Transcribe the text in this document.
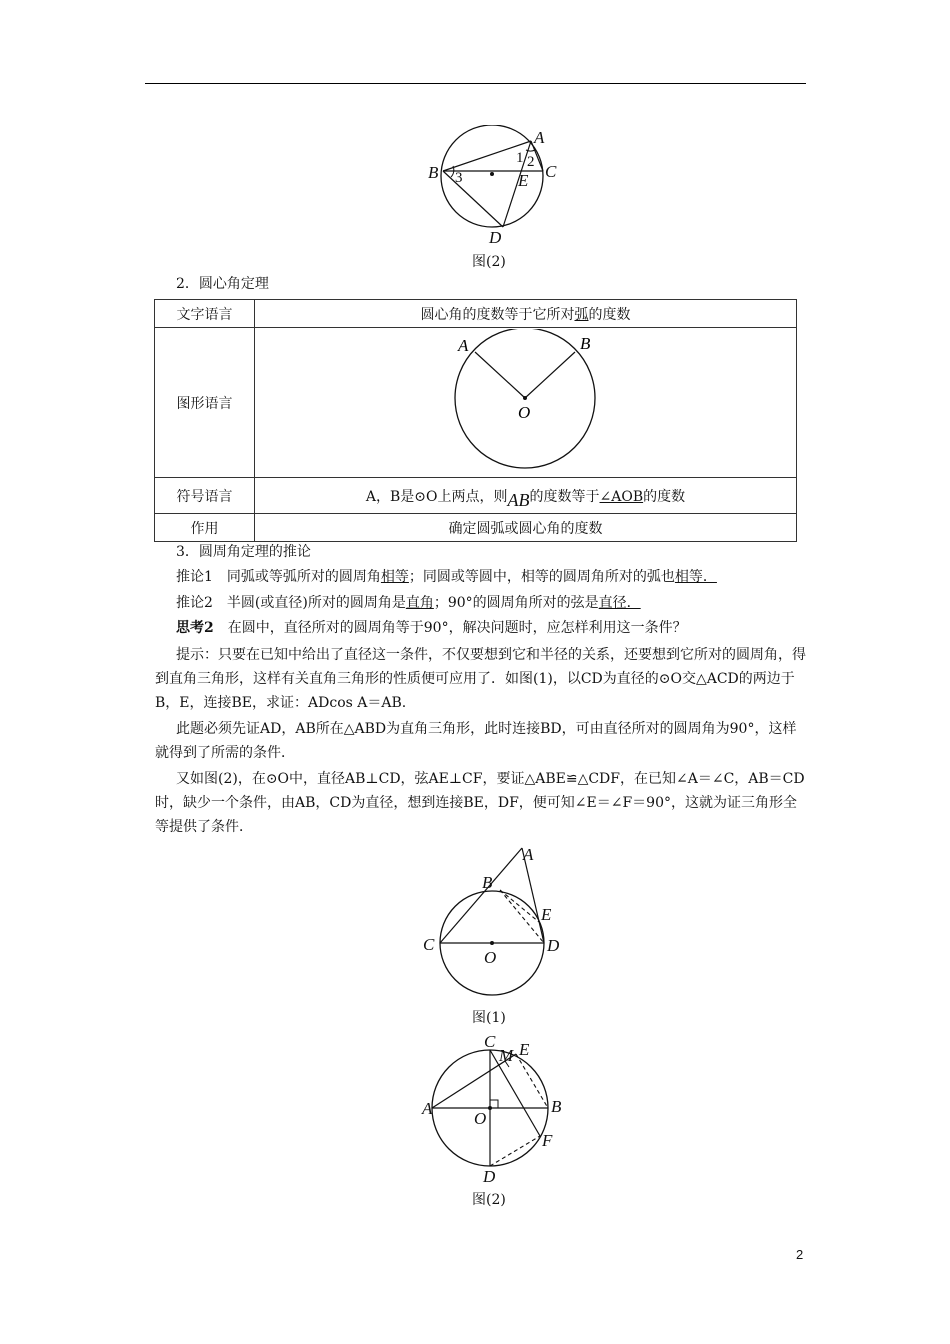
A
B	C
D
E
1 2
3
图(2)
2．圆心角定理
文字语言	圆心角的度数等于它所对弧的度数
图形语言	A B
O

符号语言	A，B是⊙O上两点，则AB的度数等于∠AOB的度数
作用	确定圆弧或圆心角的度数
3．圆周角定理的推论
推论1　同弧或等弧所对的圆周角相等；同圆或等圆中，相等的圆周角所对的弧也相等．
推论2　半圆(或直径)所对的圆周角是直角；90°的圆周角所对的弦是直径．
思考2　在圆中，直径所对的圆周角等于90°，解决问题时，应怎样利用这一条件？
提示：只要在已知中给出了直径这一条件，不仅要想到它和半径的关系，还要想到它所对的圆周角，得到直角三角形，这样有关直角三角形的性质便可应用了．如图(1)，以CD为直径的⊙O交△ACD的两边于B，E，连接BE，求证：ADcos A＝AB.
此题必须先证AD，AB所在△ABD为直角三角形，此时连接BD，可由直径所对的圆周角为90°，这样就得到了所需的条件．
又如图(2)，在⊙O中，直径AB⊥CD，弦AE⊥CF，要证△ABE≌△CDF，在已知∠A＝∠C，AB＝CD时，缺少一个条件，由AB，CD为直径，想到连接BE，DF，便可知∠E＝∠F＝90°，这就为证三角形全等提供了条件．
A
B
C	D
E
O
图(1)
A	B
C
D
E
F
M
O
图(2)
2
